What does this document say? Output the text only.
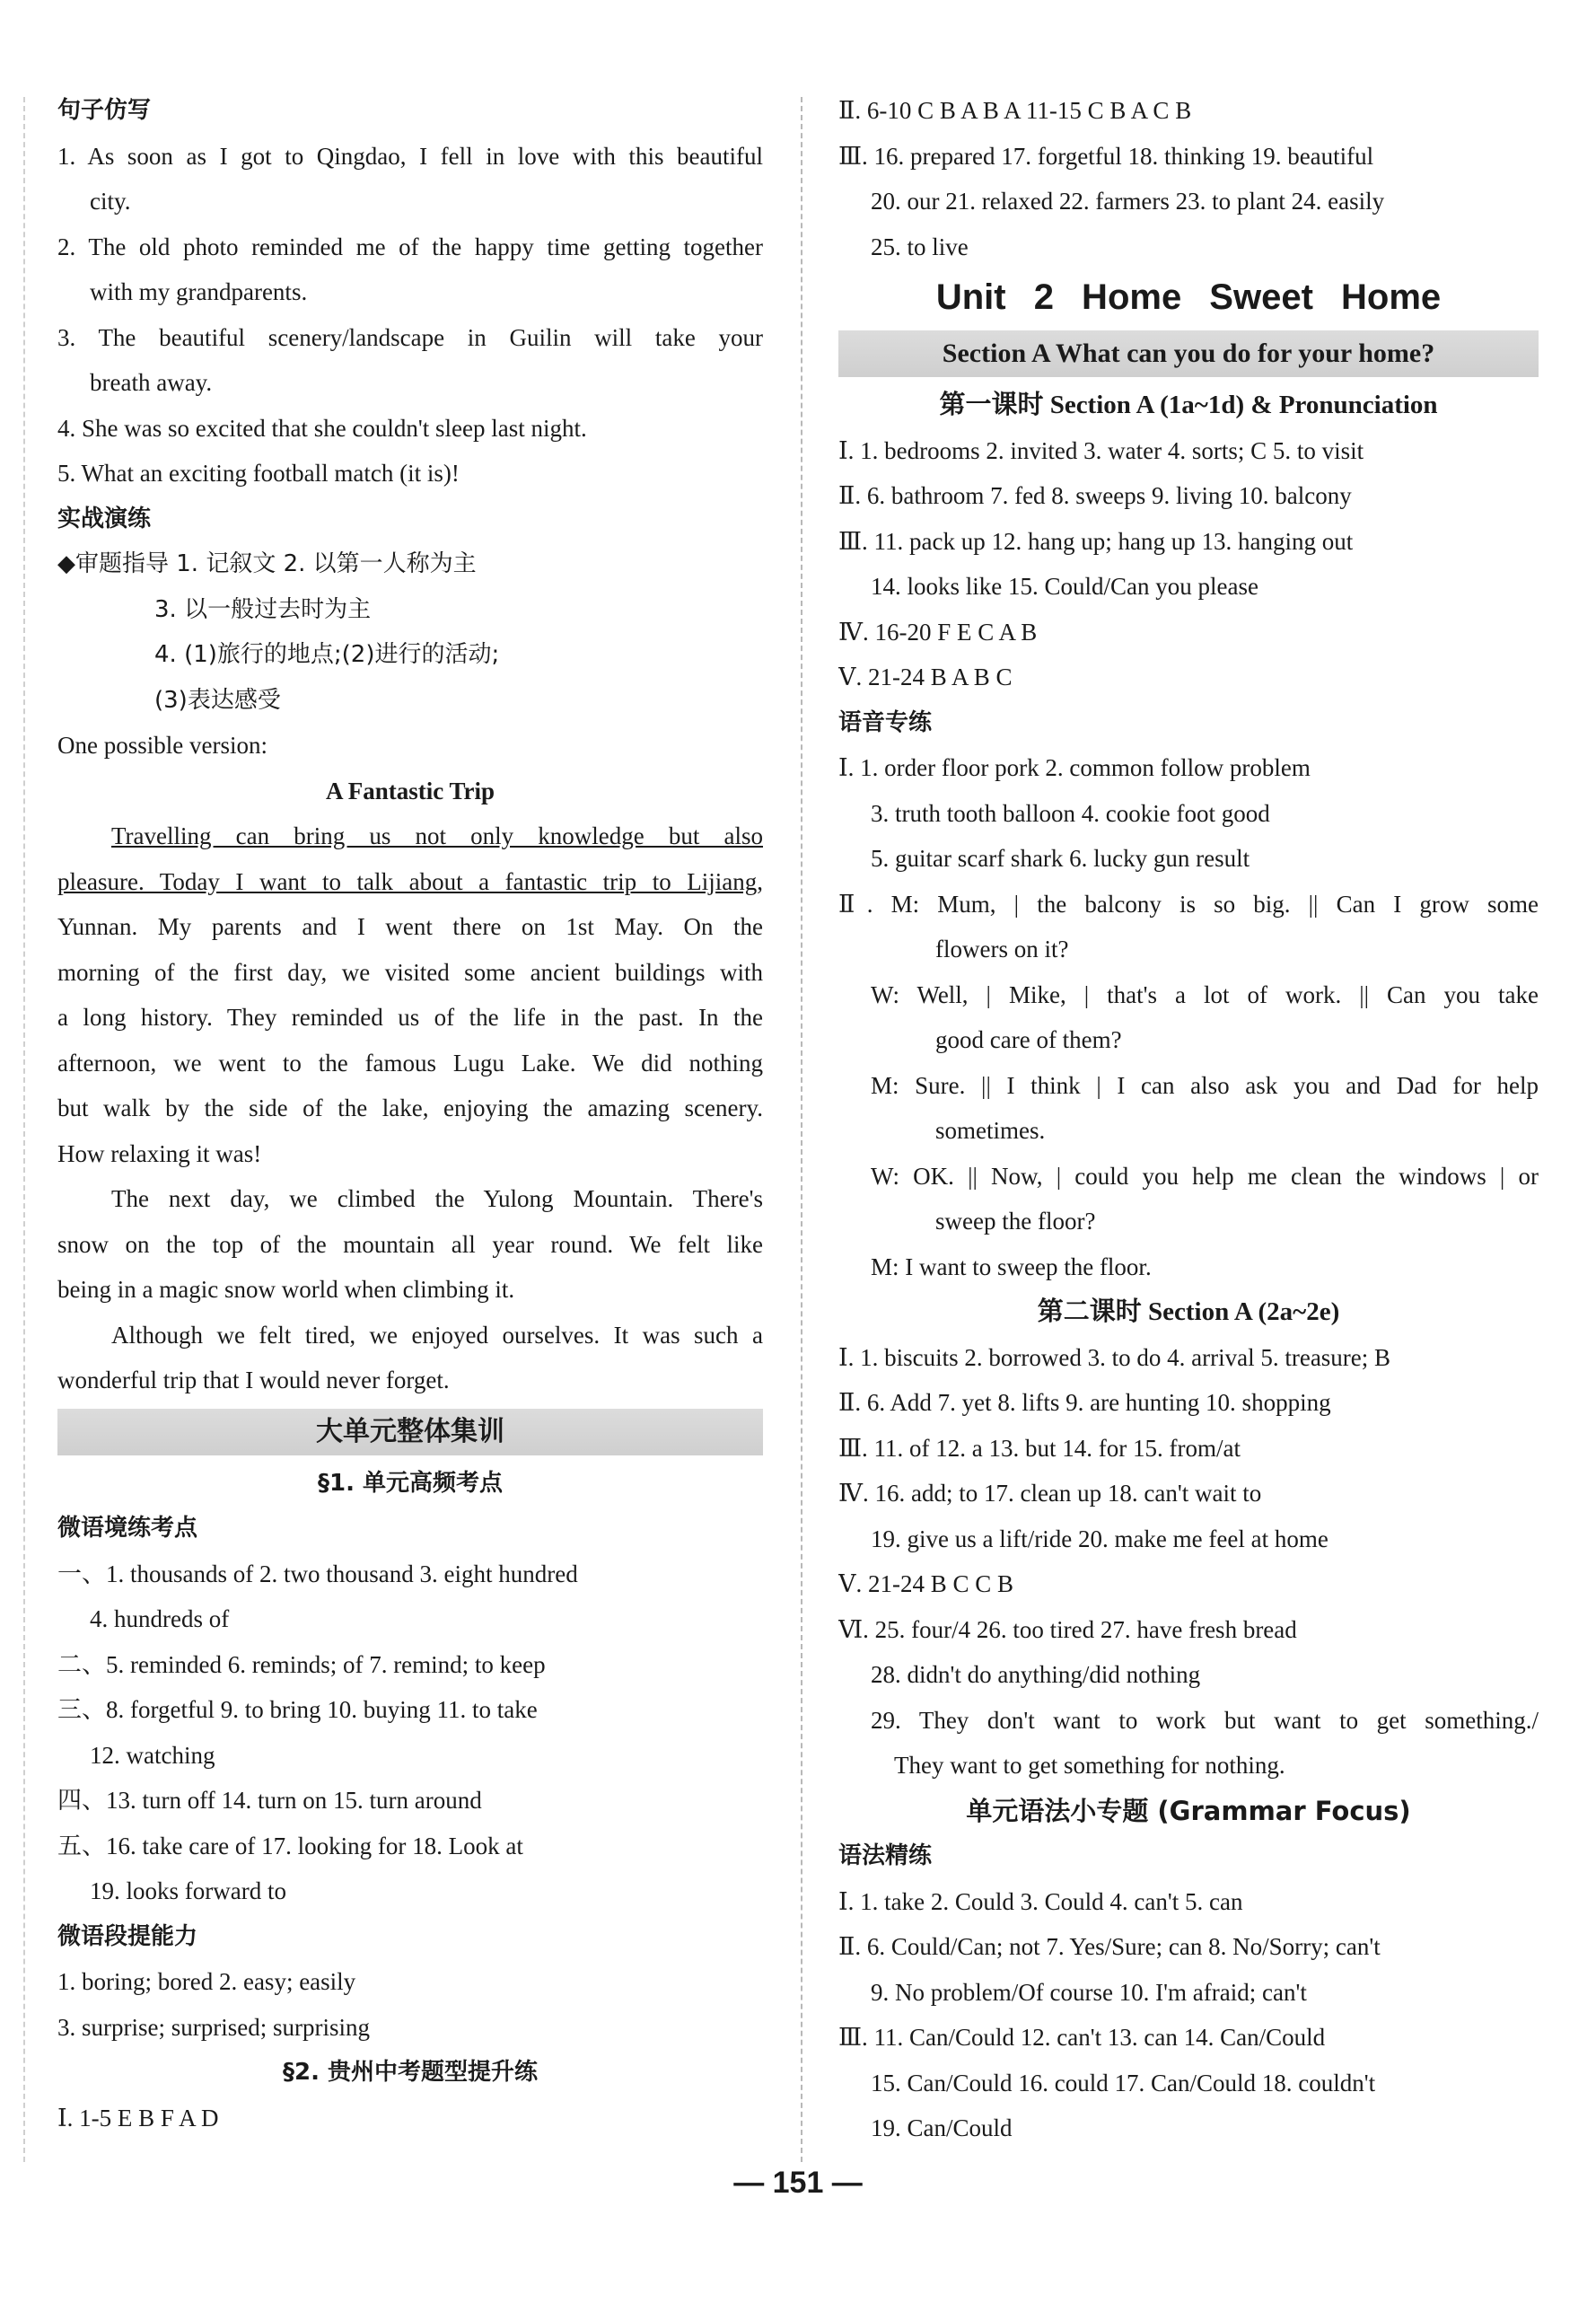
句子仿写
1. As soon as I got to Qingdao, I fell in love with this beautiful
city.
2. The old photo reminded me of the happy time getting together
with my grandparents.
3. The beautiful scenery/landscape in Guilin will take your
breath away.
4. She was so excited that she couldn't sleep last night.
5. What an exciting football match (it is)!
实战演练
◆审题指导 1. 记叙文 2. 以第一人称为主
3. 以一般过去时为主
4. (1)旅行的地点;(2)进行的活动;
(3)表达感受
One possible version:
A Fantastic Trip
Travelling can bring us not only knowledge but also
pleasure. Today I want to talk about a fantastic trip to Lijiang,
Yunnan. My parents and I went there on 1st May. On the
morning of the first day, we visited some ancient buildings with
a long history. They reminded us of the life in the past. In the
afternoon, we went to the famous Lugu Lake. We did nothing
but walk by the side of the lake, enjoying the amazing scenery.
How relaxing it was!
The next day, we climbed the Yulong Mountain. There's
snow on the top of the mountain all year round. We felt like
being in a magic snow world when climbing it.
Although we felt tired, we enjoyed ourselves. It was such a
wonderful trip that I would never forget.
大单元整体集训
§1. 单元高频考点
微语境练考点
一、1. thousands of 2. two thousand 3. eight hundred
4. hundreds of
二、5. reminded 6. reminds; of 7. remind; to keep
三、8. forgetful 9. to bring 10. buying 11. to take
12. watching
四、13. turn off 14. turn on 15. turn around
五、16. take care of 17. looking for 18. Look at
19. looks forward to
微语段提能力
1. boring; bored 2. easy; easily
3. surprise; surprised; surprising
§2. 贵州中考题型提升练
Ⅰ. 1-5 E B F A D
Ⅱ. 6-10 C B A B A 11-15 C B A C B
Ⅲ. 16. prepared 17. forgetful 18. thinking 19. beautiful
20. our 21. relaxed 22. farmers 23. to plant 24. easily
25. to live
Unit 2 Home Sweet Home
Section A What can you do for your home?
第一课时 Section A (1a~1d) & Pronunciation
Ⅰ. 1. bedrooms 2. invited 3. water 4. sorts; C 5. to visit
Ⅱ. 6. bathroom 7. fed 8. sweeps 9. living 10. balcony
Ⅲ. 11. pack up 12. hang up; hang up 13. hanging out
14. looks like 15. Could/Can you please
Ⅳ. 16-20 F E C A B
Ⅴ. 21-24 B A B C
语音专练
Ⅰ. 1. order floor pork 2. common follow problem
3. truth tooth balloon 4. cookie foot good
5. guitar scarf shark 6. lucky gun result
Ⅱ. M: Mum, | the balcony is so big. || Can I grow some
flowers on it?
W: Well, | Mike, | that's a lot of work. || Can you take
good care of them?
M: Sure. || I think | I can also ask you and Dad for help
sometimes.
W: OK. || Now, | could you help me clean the windows | or
sweep the floor?
M: I want to sweep the floor.
第二课时 Section A (2a~2e)
Ⅰ. 1. biscuits 2. borrowed 3. to do 4. arrival 5. treasure; B
Ⅱ. 6. Add 7. yet 8. lifts 9. are hunting 10. shopping
Ⅲ. 11. of 12. a 13. but 14. for 15. from/at
Ⅳ. 16. add; to 17. clean up 18. can't wait to
19. give us a lift/ride 20. make me feel at home
Ⅴ. 21-24 B C C B
Ⅵ. 25. four/4 26. too tired 27. have fresh bread
28. didn't do anything/did nothing
29. They don't want to work but want to get something./
They want to get something for nothing.
单元语法小专题 (Grammar Focus)
语法精练
Ⅰ. 1. take 2. Could 3. Could 4. can't 5. can
Ⅱ. 6. Could/Can; not 7. Yes/Sure; can 8. No/Sorry; can't
9. No problem/Of course 10. I'm afraid; can't
Ⅲ. 11. Can/Could 12. can't 13. can 14. Can/Could
15. Can/Could 16. could 17. Can/Could 18. couldn't
19. Can/Could
— 151 —
